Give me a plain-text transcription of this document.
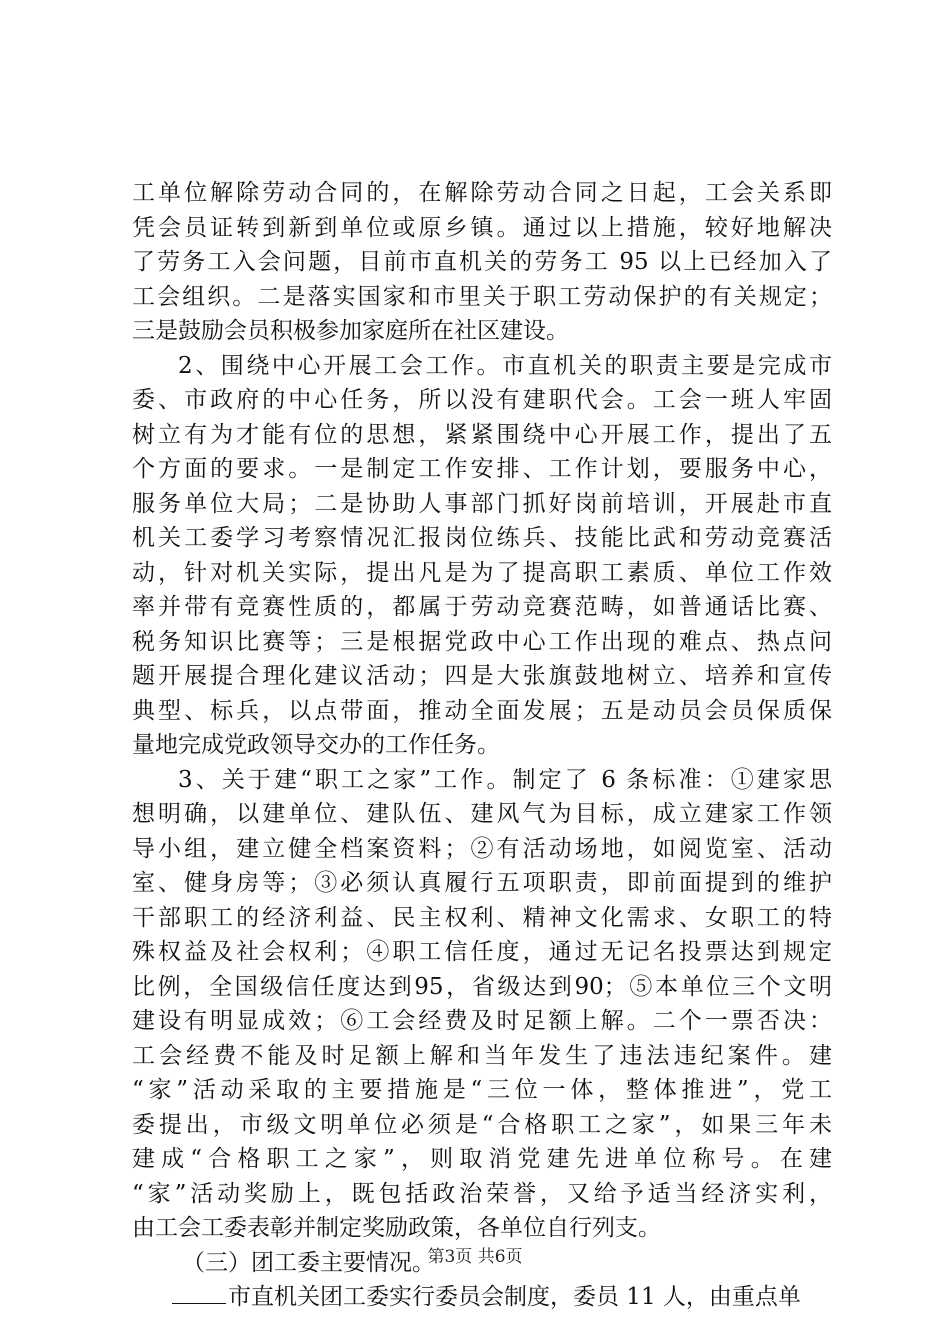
工单位解除劳动合同的，在解除劳动合同之日起，工会关系即
凭会员证转到新到单位或原乡镇。通过以上措施，较好地解决
了劳务工入会问题，目前市直机关的劳务工 95 以上已经加入了
工会组织。二是落实国家和市里关于职工劳动保护的有关规定；
三是鼓励会员积极参加家庭所在社区建设。
2、围绕中心开展工会工作。市直机关的职责主要是完成市
委、市政府的中心任务，所以没有建职代会。工会一班人牢固
树立有为才能有位的思想，紧紧围绕中心开展工作，提出了五
个方面的要求。一是制定工作安排、工作计划，要服务中心，
服务单位大局；二是协助人事部门抓好岗前培训，开展赴市直
机关工委学习考察情况汇报岗位练兵、技能比武和劳动竞赛活
动，针对机关实际，提出凡是为了提高职工素质、单位工作效
率并带有竞赛性质的，都属于劳动竞赛范畴，如普通话比赛、
税务知识比赛等；三是根据党政中心工作出现的难点、热点问
题开展提合理化建议活动；四是大张旗鼓地树立、培养和宣传
典型、标兵，以点带面，推动全面发展；五是动员会员保质保
量地完成党政领导交办的工作任务。
3、关于建“职工之家”工作。制定了 6 条标准：①建家思
想明确，以建单位、建队伍、建风气为目标，成立建家工作领
导小组，建立健全档案资料；②有活动场地，如阅览室、活动
室、健身房等；③必须认真履行五项职责，即前面提到的维护
干部职工的经济利益、民主权利、精神文化需求、女职工的特
殊权益及社会权利；④职工信任度，通过无记名投票达到规定
比例，全国级信任度达到95，省级达到90；⑤本单位三个文明
建设有明显成效；⑥工会经费及时足额上解。二个一票否决：
工会经费不能及时足额上解和当年发生了违法违纪案件。建
“家”活动采取的主要措施是“三位一体，整体推进”，党工
委提出，市级文明单位必须是“合格职工之家”，如果三年未
建成“合格职工之家”，则取消党建先进单位称号。在建
“家”活动奖励上，既包括政治荣誉，又给予适当经济实利，
由工会工委表彰并制定奖励政策，各单位自行列支。
（三）团工委主要情况。
市直机关团工委实行委员会制度，委员 11 人，由重点单
第3页 共6页
